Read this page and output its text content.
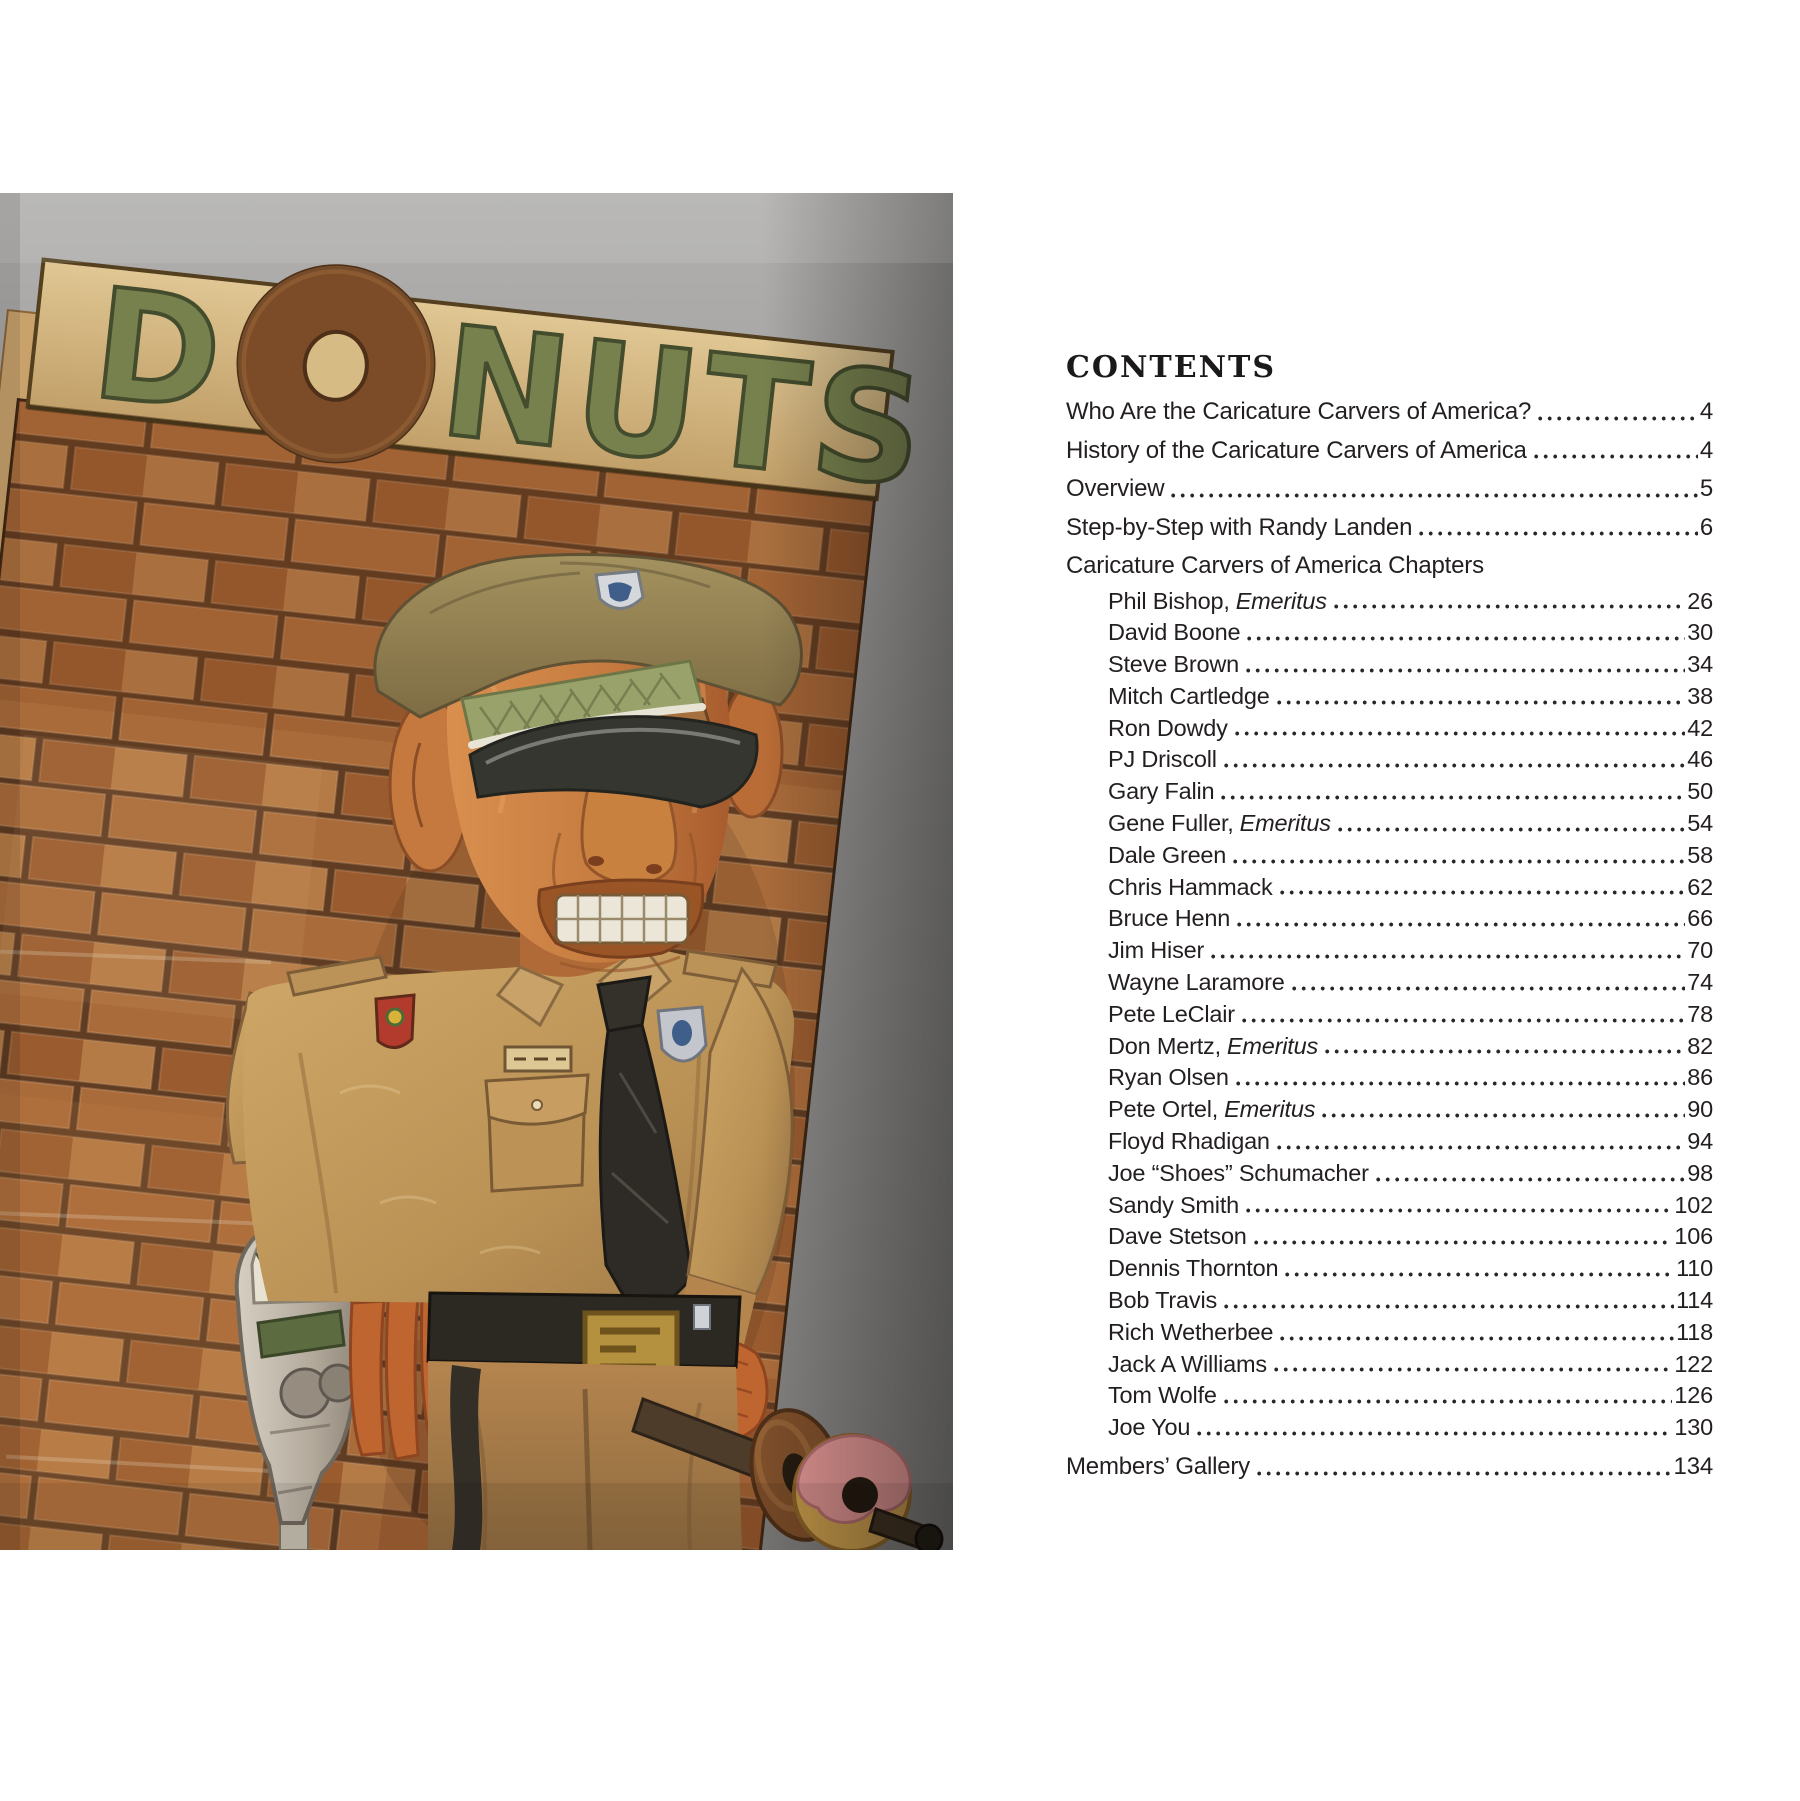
CONTENTS
Who Are the Caricature Carvers of America?	4
History of the Caricature Carvers of America	4
Overview	5
Step-by-Step with Randy Landen	6
Caricature Carvers of America Chapters
Phil Bishop, Emeritus	26
David Boone	30
Steve Brown	34
Mitch Cartledge	38
Ron Dowdy	42
PJ Driscoll	46
Gary Falin	50
Gene Fuller, Emeritus	54
Dale Green	58
Chris Hammack	62
Bruce Henn	66
Jim Hiser	70
Wayne Laramore	74
Pete LeClair	78
Don Mertz, Emeritus	82
Ryan Olsen	86
Pete Ortel, Emeritus	90
Floyd Rhadigan	94
Joe “Shoes” Schumacher	98
Sandy Smith	102
Dave Stetson	106
Dennis Thornton	110
Bob Travis	114
Rich Wetherbee	118
Jack A Williams	122
Tom Wolfe	126
Joe You	130
Members’ Gallery	134
